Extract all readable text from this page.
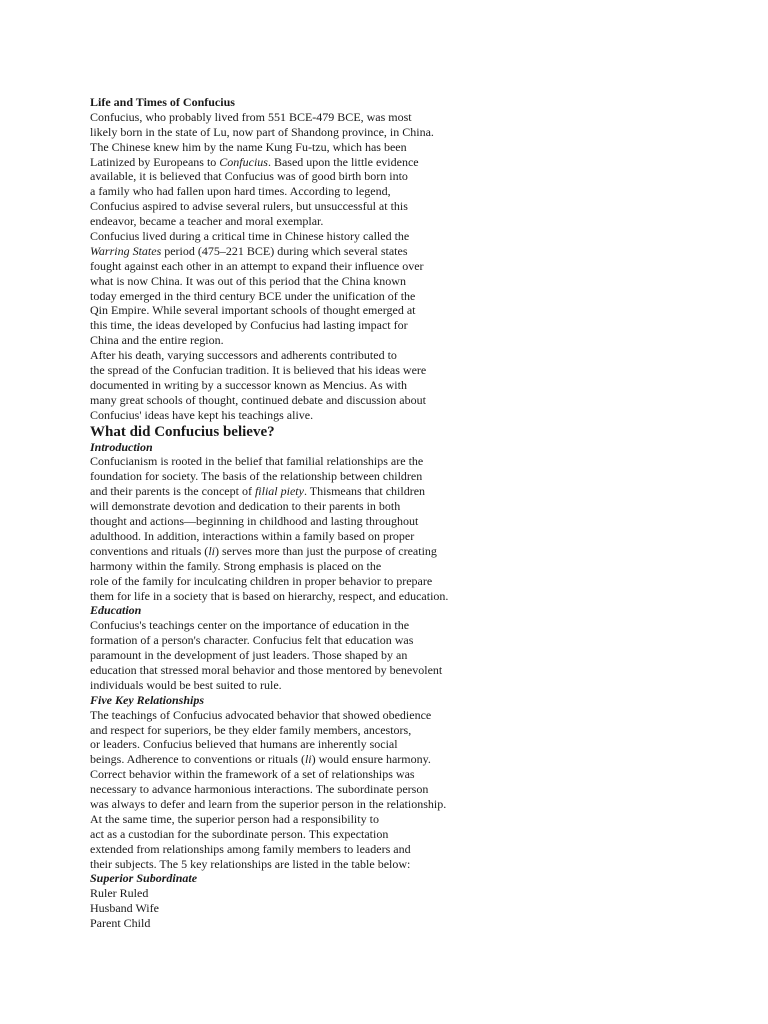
Life and Times of Confucius
Confucius, who probably lived from 551 BCE-479 BCE, was most
likely born in the state of Lu, now part of Shandong province, in China.
The Chinese knew him by the name Kung Fu-tzu, which has been
Latinized by Europeans to Confucius. Based upon the little evidence
available, it is believed that Confucius was of good birth born into
a family who had fallen upon hard times. According to legend,
Confucius aspired to advise several rulers, but unsuccessful at this
endeavor, became a teacher and moral exemplar.
Confucius lived during a critical time in Chinese history called the
Warring States period (475–221 BCE) during which several states
fought against each other in an attempt to expand their influence over
what is now China. It was out of this period that the China known
today emerged in the third century BCE under the unification of the
Qin Empire. While several important schools of thought emerged at
this time, the ideas developed by Confucius had lasting impact for
China and the entire region.
After his death, varying successors and adherents contributed to
the spread of the Confucian tradition. It is believed that his ideas were
documented in writing by a successor known as Mencius. As with
many great schools of thought, continued debate and discussion about
Confucius' ideas have kept his teachings alive.
What did Confucius believe?
Introduction
Confucianism is rooted in the belief that familial relationships are the
foundation for society. The basis of the relationship between children
and their parents is the concept of filial piety. Thismeans that children
will demonstrate devotion and dedication to their parents in both
thought and actions—beginning in childhood and lasting throughout
adulthood. In addition, interactions within a family based on proper
conventions and rituals (li) serves more than just the purpose of creating
harmony within the family. Strong emphasis is placed on the
role of the family for inculcating children in proper behavior to prepare
them for life in a society that is based on hierarchy, respect, and education.
Education
Confucius's teachings center on the importance of education in the
formation of a person's character. Confucius felt that education was
paramount in the development of just leaders. Those shaped by an
education that stressed moral behavior and those mentored by benevolent
individuals would be best suited to rule.
Five Key Relationships
The teachings of Confucius advocated behavior that showed obedience
and respect for superiors, be they elder family members, ancestors,
or leaders. Confucius believed that humans are inherently social
beings. Adherence to conventions or rituals (li) would ensure harmony.
Correct behavior within the framework of a set of relationships was
necessary to advance harmonious interactions. The subordinate person
was always to defer and learn from the superior person in the relationship.
At the same time, the superior person had a responsibility to
act as a custodian for the subordinate person. This expectation
extended from relationships among family members to leaders and
their subjects. The 5 key relationships are listed in the table below:
Superior Subordinate
Ruler Ruled
Husband Wife
Parent Child
